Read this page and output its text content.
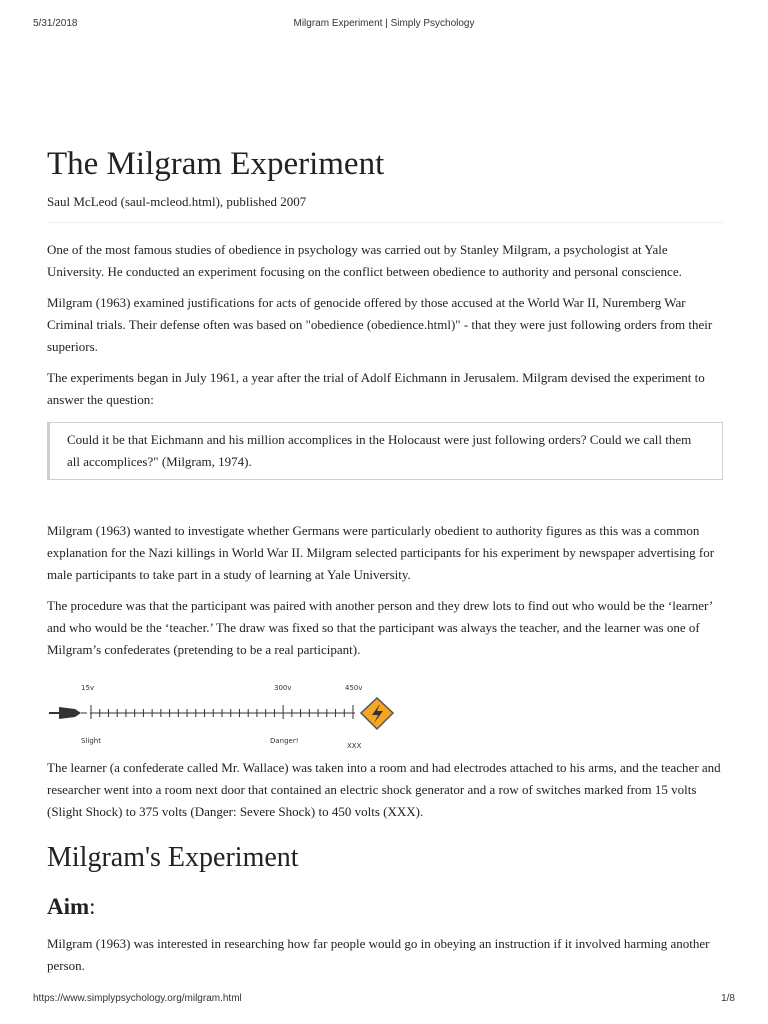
5/31/2018	Milgram Experiment | Simply Psychology
The Milgram Experiment
Saul McLeod (saul-mcleod.html), published 2007

One of the most famous studies of obedience in psychology was carried out by Stanley Milgram, a psychologist at Yale University. He conducted an experiment focusing on the conflict between obedience to authority and personal conscience.

Milgram (1963) examined justifications for acts of genocide offered by those accused at the World War II, Nuremberg War Criminal trials. Their defense often was based on "obedience (obedience.html)" - that they were just following orders from their superiors.

The experiments began in July 1961, a year after the trial of Adolf Eichmann in Jerusalem. Milgram devised the experiment to answer the question:

Could it be that Eichmann and his million accomplices in the Holocaust were just following orders? Could we call them all accomplices?" (Milgram, 1974).

Milgram (1963) wanted to investigate whether Germans were particularly obedient to authority figures as this was a common explanation for the Nazi killings in World War II. Milgram selected participants for his experiment by newspaper advertising for male participants to take part in a study of learning at Yale University.

The procedure was that the participant was paired with another person and they drew lots to find out who would be the ‘learner’ and who would be the ‘teacher.’ The draw was fixed so that the participant was always the teacher, and the learner was one of Milgram’s confederates (pretending to be a real participant).

15v	300v	450v
Slight	Danger!
XXX

The learner (a confederate called Mr. Wallace) was taken into a room and had electrodes attached to his arms, and the teacher and researcher went into a room next door that contained an electric shock generator and a row of switches marked from 15 volts (Slight Shock) to 375 volts (Danger: Severe Shock) to 450 volts (XXX).

Milgram's Experiment
Aim:

Milgram (1963) was interested in researching how far people would go in obeying an instruction if it involved harming another person.

https://www.simplypsychology.org/milgram.html	1/8
